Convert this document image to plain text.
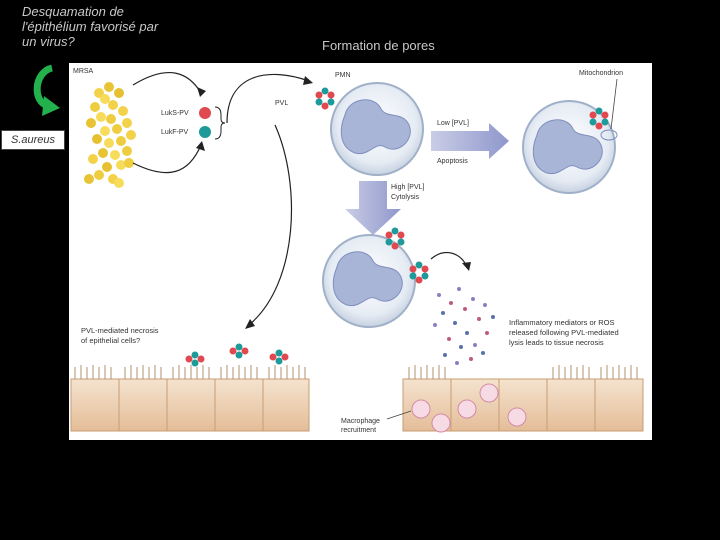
Desquamation de l'épithélium favorisé par un virus?	Formation de pores
S.aureus
MRSA
LukS-PV
LukF-PV
PVL
PMN
Low [PVL]
Apoptosis
Mitochondrion
High [PVL]
Cytolysis
Inflammatory mediators or ROS
released following PVL-mediated
lysis leads to tissue necrosis
PVL-mediated necrosis
of epithelial cells?
Macrophage
recruitment
